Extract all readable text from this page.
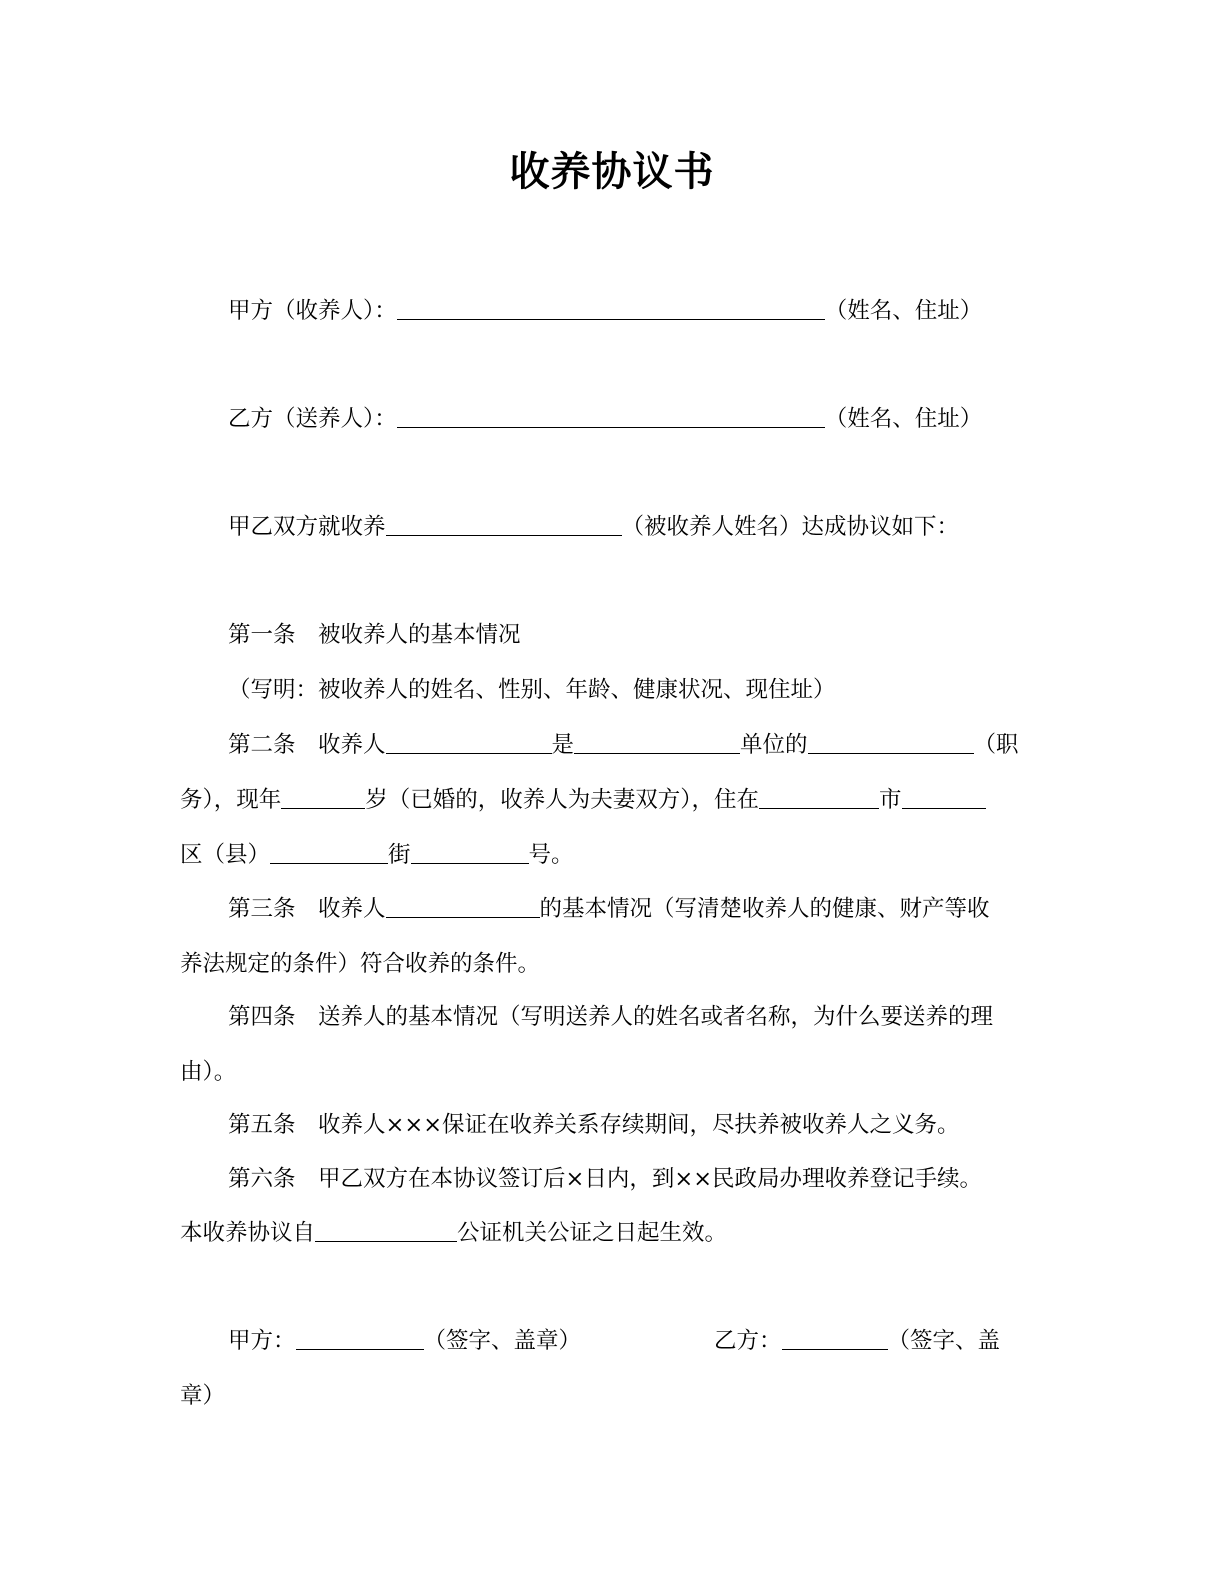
收养协议书
甲方（收养人）：	（姓名、住址）
乙方（送养人）：	（姓名、住址）
甲乙双方就收养	（被收养人姓名）达成协议如下：
第一条　被收养人的基本情况
（写明：被收养人的姓名、性别、年龄、健康状况、现住址）
第二条　收养人	是	单位的	（职
务），现年	岁（已婚的，收养人为夫妻双方），住在	市
区（县）	街	号。
第三条　收养人	的基本情况（写清楚收养人的健康、财产等收
养法规定的条件）符合收养的条件。
第四条　送养人的基本情况（写明送养人的姓名或者名称，为什么要送养的理
由）。
第五条　收养人×××保证在收养关系存续期间，尽扶养被收养人之义务。
第六条　甲乙双方在本协议签订后×日内，到××民政局办理收养登记手续。
本收养协议自	公证机关公证之日起生效。
甲方：	（签字、盖章）	乙方：	（签字、盖
章）
